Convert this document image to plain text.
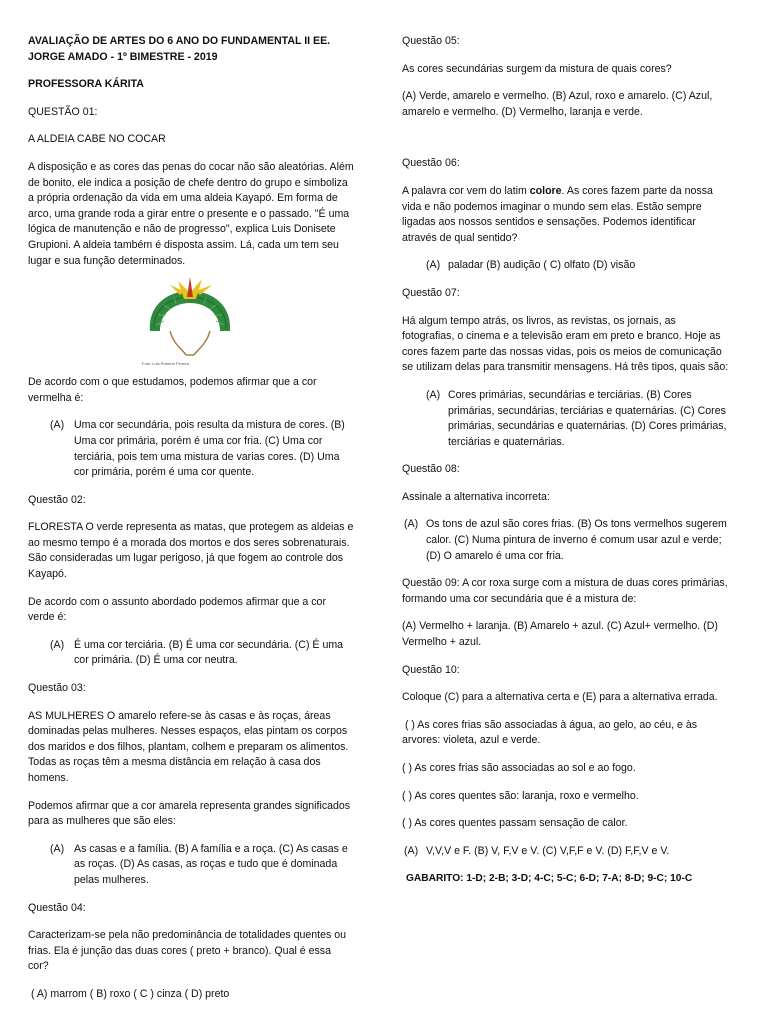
AVALIAÇÃO DE ARTES DO 6 ANO DO FUNDAMENTAL II EE. JORGE AMADO - 1º BIMESTRE - 2019

PROFESSORA KÁRITA

QUESTÃO 01:

A ALDEIA CABE NO COCAR

A disposição e as cores das penas do cocar não são aleatórias. Além de bonito, ele indica a posição de chefe dentro do grupo e simboliza a própria ordenação da vida em uma aldeia Kayapó. Em forma de arco, uma grande roda a girar entre o presente e o passado. "É uma lógica de manutenção e não de progresso", explica Luis Donisete Grupioni. A aldeia também é disposta assim. Lá, cada um tem seu lugar e sua função determinados.

Foto: Luis Roberto Pereira

De acordo com o que estudamos, podemos afirmar que a cor vermelha é:

(A) Uma cor secundária, pois resulta da mistura de cores. (B) Uma cor primária, porém é uma cor fria. (C) Uma cor terciária, pois tem uma mistura de varias cores. (D) Uma cor primária, porém é uma cor quente.

Questão 02:

FLORESTA O verde representa as matas, que protegem as aldeias e ao mesmo tempo é a morada dos mortos e dos seres sobrenaturais. São consideradas um lugar perigoso, já que fogem ao controle dos Kayapó.

De acordo com o assunto abordado podemos afirmar que a cor verde é:

(A) É uma cor terciária. (B) É uma cor secundária. (C) É uma cor primária. (D) É uma cor neutra.

Questão 03:

AS MULHERES O amarelo refere-se às casas e às roças, áreas dominadas pelas mulheres. Nesses espaços, elas pintam os corpos dos maridos e dos filhos, plantam, colhem e preparam os alimentos. Todas as roças têm a mesma distância em relação à casa dos homens.

Podemos afirmar que a cor amarela representa grandes significados para as mulheres que são eles:

(A) As casas e a família. (B) A família e a roça. (C) As casas e as roças. (D) As casas, as roças e tudo que é dominada pelas mulheres.

Questão 04:

Caracterizam-se pela não predominância de totalidades quentes ou frias. Ela é junção das duas cores ( preto + branco). Qual é essa cor?

( A) marrom ( B) roxo ( C ) cinza ( D) preto

Questão 05:

As cores secundárias surgem da mistura de quais cores?

(A) Verde, amarelo e vermelho. (B) Azul, roxo e amarelo. (C) Azul, amarelo e vermelho. (D) Vermelho, laranja e verde.

Questão 06:

A palavra cor vem do latim colore. As cores fazem parte da nossa vida e não podemos imaginar o mundo sem elas. Estão sempre ligadas aos nossos sentidos e sensações. Podemos identificar através de qual sentido?

(A) paladar (B) audição ( C) olfato (D) visão

Questão 07:

Há algum tempo atrás, os livros, as revistas, os jornais, as fotografias, o cinema e a televisão eram em preto e branco. Hoje as cores fazem parte das nossas vidas, pois os meios de comunicação se utilizam delas para transmitir mensagens. Há três tipos, quais são:

(A) Cores primárias, secundárias e terciárias. (B) Cores primárias, secundárias, terciárias e quaternárias. (C) Cores primárias, secundárias e quaternárias. (D) Cores primárias, terciárias e quaternárias.

Questão 08:

Assinale a alternativa incorreta:

(A) Os tons de azul são cores frias. (B) Os tons vermelhos sugerem calor. (C) Numa pintura de inverno é comum usar azul e verde; (D) O amarelo é uma cor fria.

Questão 09: A cor roxa surge com a mistura de duas cores primárias, formando uma cor secundária que é a mistura de:

(A) Vermelho + laranja. (B) Amarelo + azul. (C) Azul+ vermelho. (D) Vermelho + azul.

Questão 10:

Coloque (C) para a alternativa certa e (E) para a alternativa errada.

( ) As cores frias são associadas à água, ao gelo, ao céu, e às arvores: violeta, azul e verde.

( ) As cores frias são associadas ao sol e ao fogo.

( ) As cores quentes são: laranja, roxo e vermelho.

( ) As cores quentes passam sensação de calor.

(A) V,V,V e F. (B) V, F,V e V. (C) V,F,F e V. (D) F,F,V e V.

GABARITO: 1-D; 2-B; 3-D; 4-C; 5-C; 6-D; 7-A; 8-D; 9-C; 10-C
